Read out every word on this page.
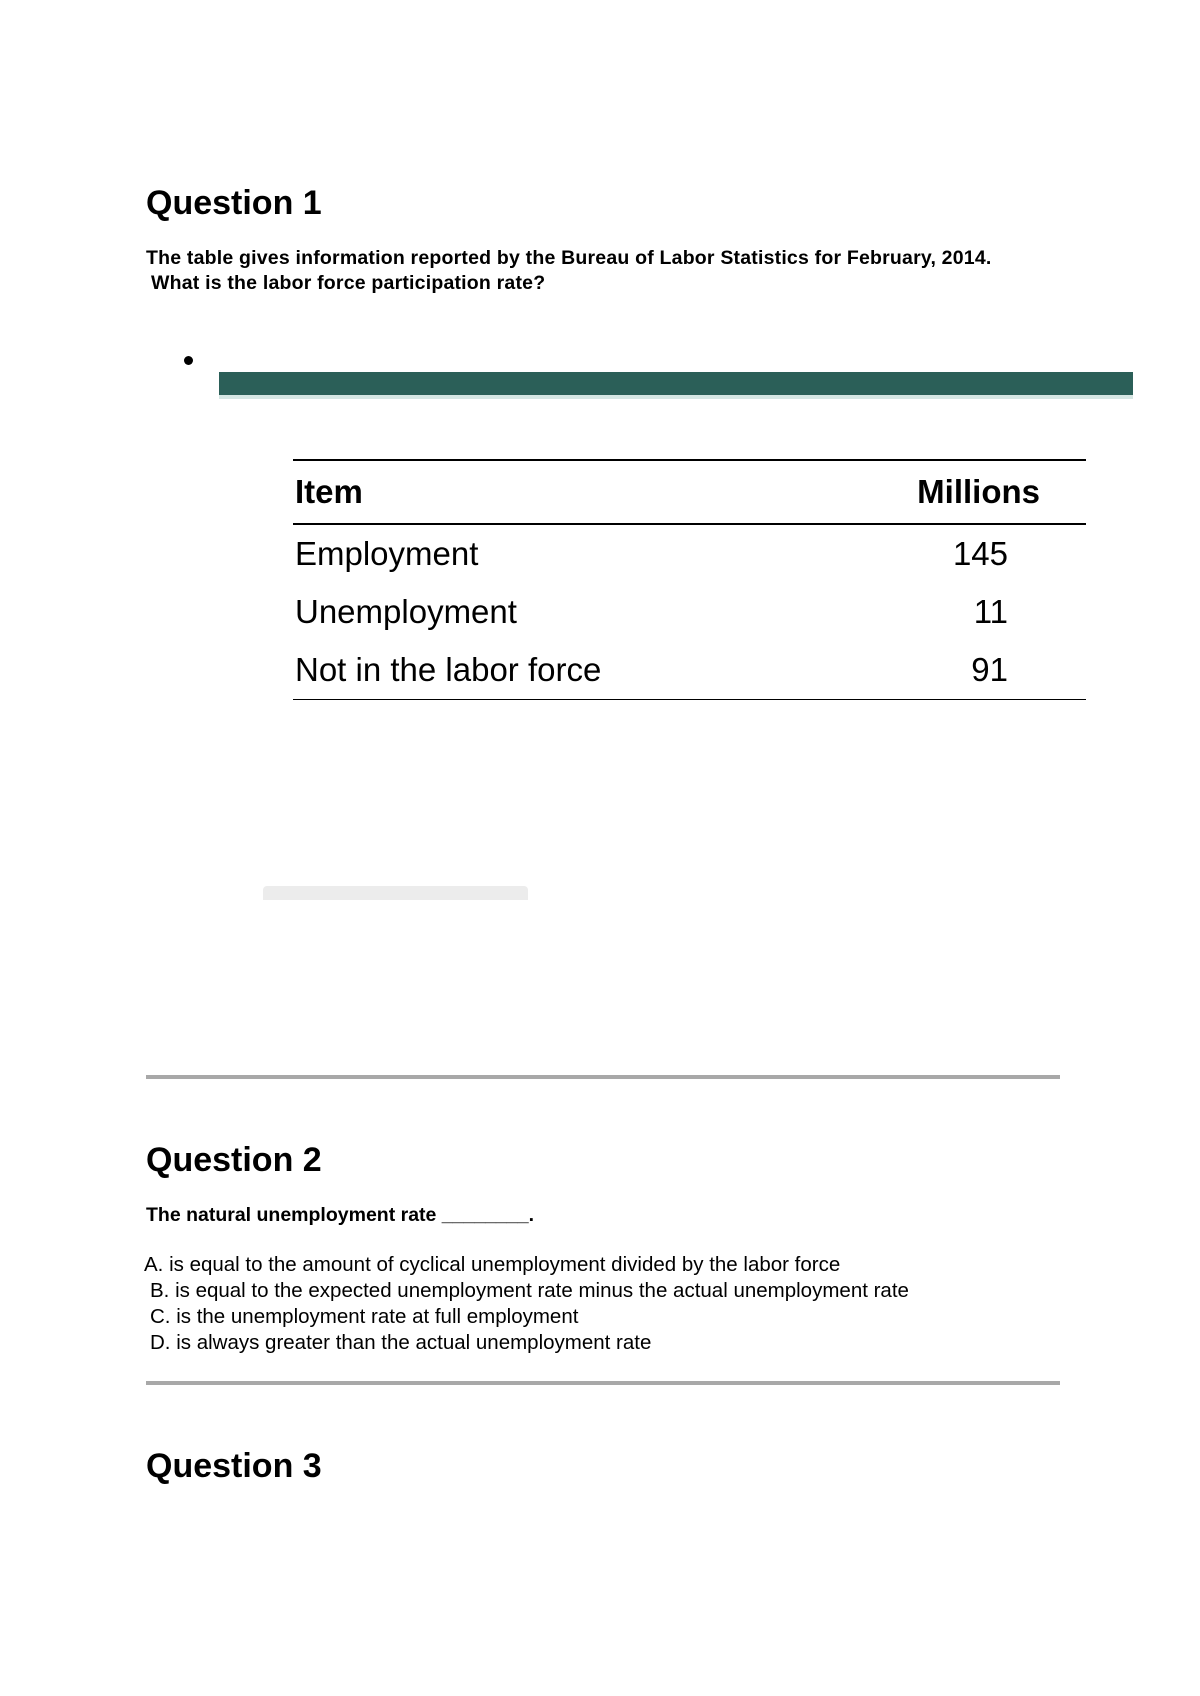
Question 1
The table gives information reported by the Bureau of Labor Statistics for February, 2014.
What is the labor force participation rate?
Item	Millions
Employment	145
Unemployment	11
Not in the labor force	91
Question 2
The natural unemployment rate ________.
A. is equal to the amount of cyclical unemployment divided by the labor force
B. is equal to the expected unemployment rate minus the actual unemployment rate
C. is the unemployment rate at full employment
D. is always greater than the actual unemployment rate
Question 3
